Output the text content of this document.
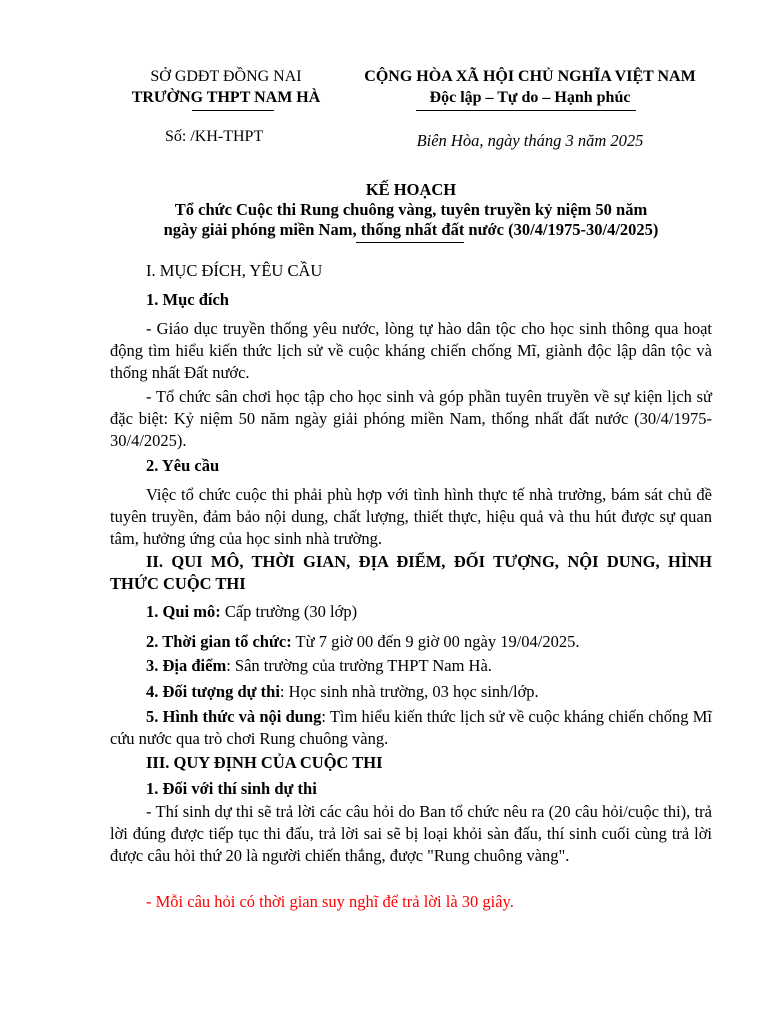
SỞ GDĐT ĐỒNG NAI
TRƯỜNG THPT NAM HÀ
CỘNG HÒA XÃ HỘI CHỦ NGHĨA VIỆT NAM
Độc lập – Tự do – Hạnh phúc
Số: /KH-THPT	Biên Hòa, ngày tháng 3 năm 2025
KẾ HOẠCH
Tổ chức Cuộc thi Rung chuông vàng, tuyên truyền kỷ niệm 50 năm
ngày giải phóng miền Nam, thống nhất đất nước (30/4/1975-30/4/2025)
I. MỤC ĐÍCH, YÊU CẦU
1. Mục đích
- Giáo dục truyền thống yêu nước, lòng tự hào dân tộc cho học sinh thông qua hoạt động tìm hiểu kiến thức lịch sử về cuộc kháng chiến chống Mĩ, giành độc lập dân tộc và thống nhất Đất nước.
- Tổ chức sân chơi học tập cho học sinh và góp phần tuyên truyền về sự kiện lịch sử đặc biệt: Kỷ niệm 50 năm ngày giải phóng miền Nam, thống nhất đất nước (30/4/1975-30/4/2025).
2. Yêu cầu
Việc tổ chức cuộc thi phải phù hợp với tình hình thực tế nhà trường, bám sát chủ đề tuyên truyền, đảm bảo nội dung, chất lượng, thiết thực, hiệu quả và thu hút được sự quan tâm, hưởng ứng của học sinh nhà trường.
II. QUI MÔ, THỜI GIAN, ĐỊA ĐIỂM, ĐỐI TƯỢNG, NỘI DUNG, HÌNH THỨC CUỘC THI
1. Qui mô: Cấp trường (30 lớp)
2. Thời gian tổ chức: Từ 7 giờ 00 đến 9 giờ 00 ngày 19/04/2025.
3. Địa điểm: Sân trường của trường THPT Nam Hà.
4. Đối tượng dự thi: Học sinh nhà trường, 03 học sinh/lớp.
5. Hình thức và nội dung: Tìm hiểu kiến thức lịch sử về cuộc kháng chiến chống Mĩ cứu nước qua trò chơi Rung chuông vàng.
III. QUY ĐỊNH CỦA CUỘC THI
1. Đối với thí sinh dự thi
- Thí sinh dự thi sẽ trả lời các câu hỏi do Ban tổ chức nêu ra (20 câu hỏi/cuộc thi), trả lời đúng được tiếp tục thi đấu, trả lời sai sẽ bị loại khỏi sàn đấu, thí sinh cuối cùng trả lời được câu hỏi thứ 20 là người chiến thắng, được "Rung chuông vàng".
- Mỗi câu hỏi có thời gian suy nghĩ để trả lời là 30 giây.
